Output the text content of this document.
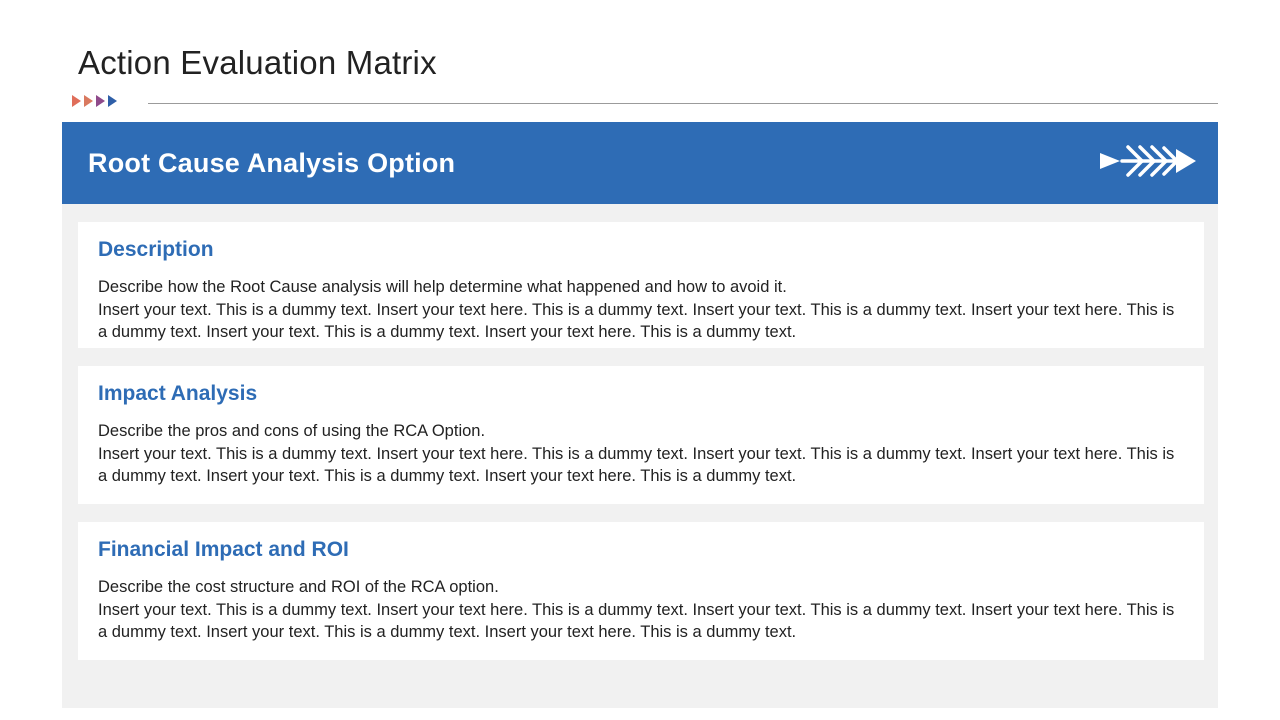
Action Evaluation Matrix
Root Cause Analysis Option
Description

Describe how the Root Cause analysis will help determine what happened and how to avoid it.

Insert your text. This is a dummy text. Insert your text here. This is a dummy text. Insert your text. This is a dummy text. Insert your text here. This is a dummy text. Insert your text. This is a dummy text. Insert your text here. This is a dummy text.

Impact Analysis

Describe the pros and cons of using the RCA Option.

Insert your text. This is a dummy text. Insert your text here. This is a dummy text. Insert your text. This is a dummy text. Insert your text here. This is a dummy text. Insert your text. This is a dummy text. Insert your text here. This is a dummy text.

Financial Impact and ROI

Describe the cost structure and ROI of the RCA option.

Insert your text. This is a dummy text. Insert your text here. This is a dummy text. Insert your text. This is a dummy text. Insert your text here. This is a dummy text. Insert your text. This is a dummy text. Insert your text here. This is a dummy text.
